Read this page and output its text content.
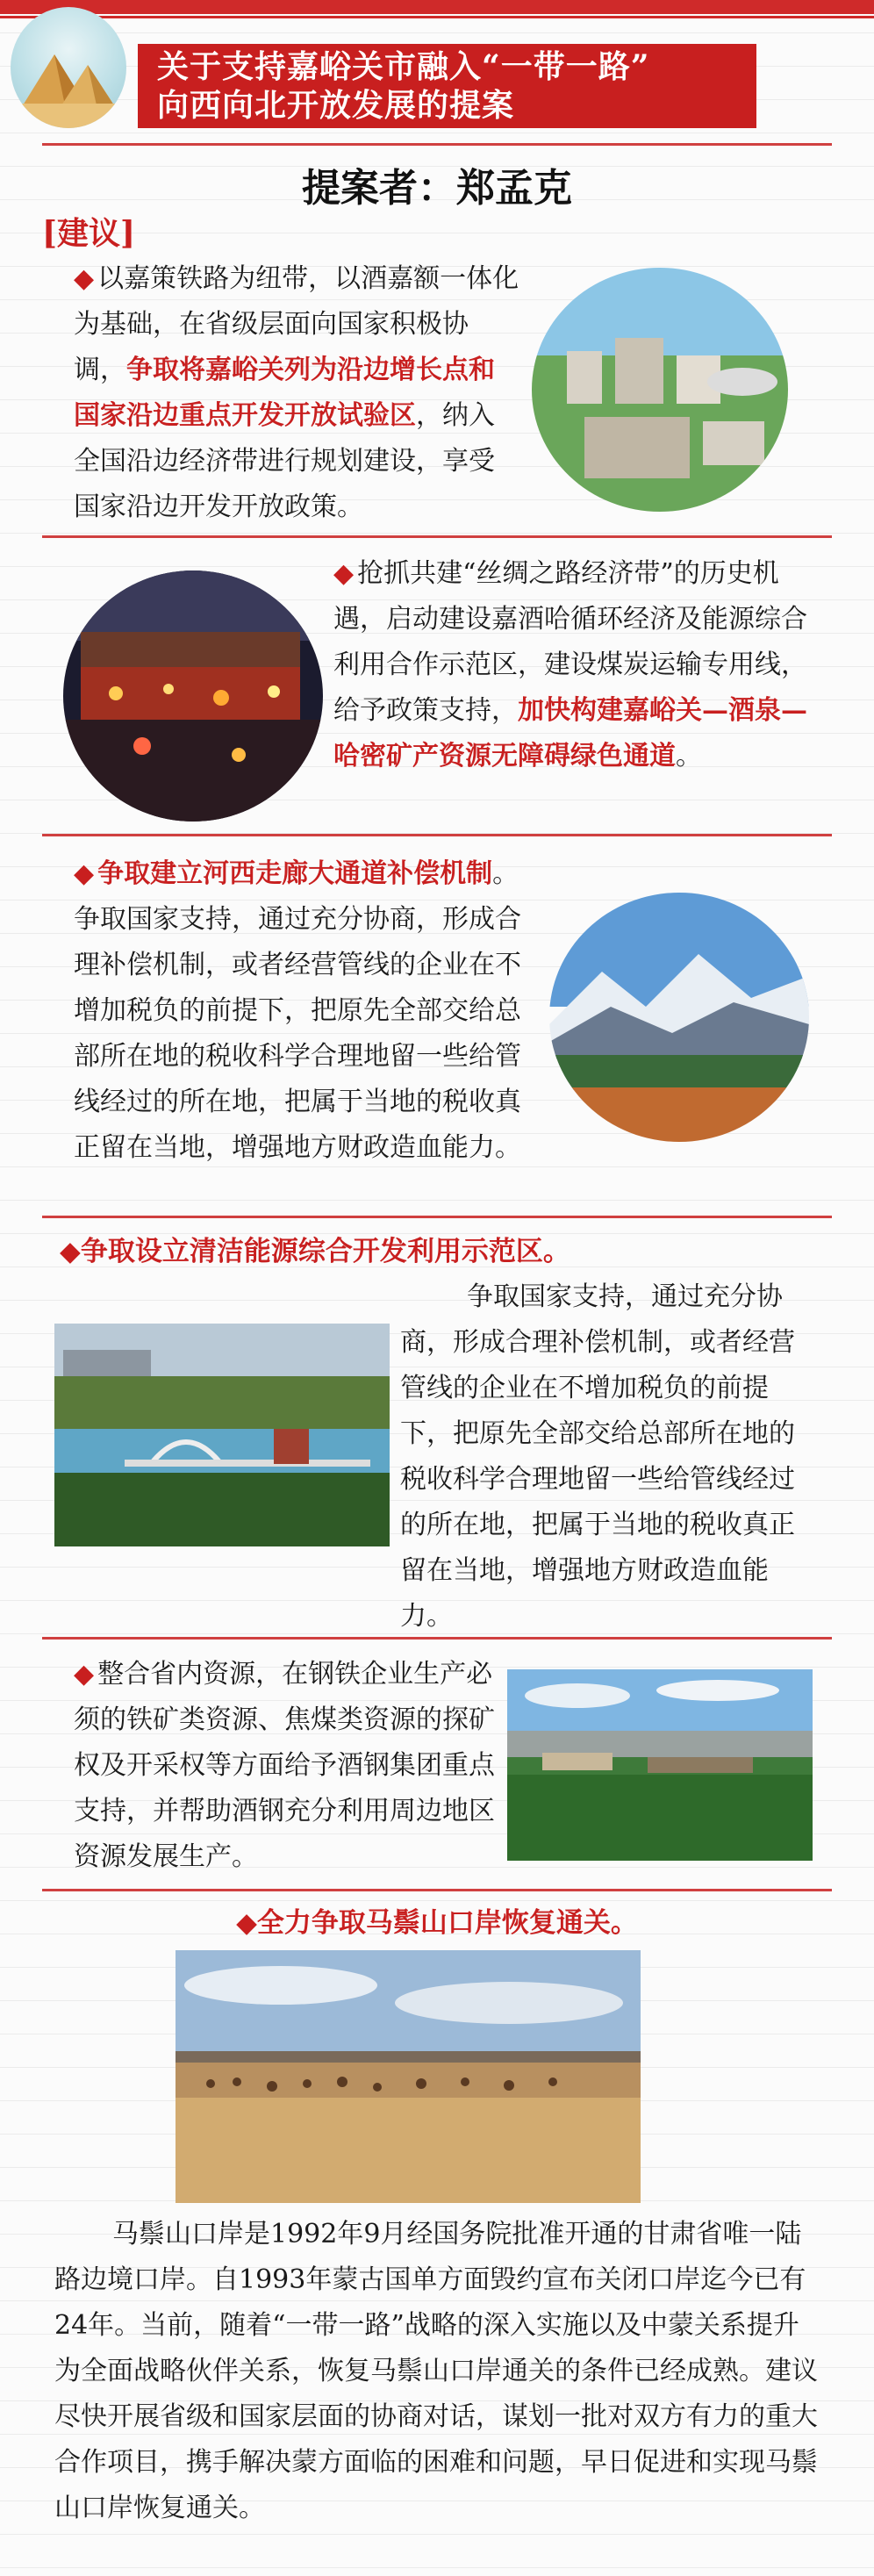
关于支持嘉峪关市融入“一带一路”
向西向北开放发展的提案
提案者：郑孟克
[建议]
◆ 以嘉策铁路为纽带，以酒嘉额一体化为基础，在省级层面向国家积极协调，争取将嘉峪关列为沿边增长点和国家沿边重点开发开放试验区，纳入全国沿边经济带进行规划建设，享受国家沿边开发开放政策。
◆ 抢抓共建“丝绸之路经济带”的历史机遇，启动建设嘉酒哈循环经济及能源综合利用合作示范区，建设煤炭运输专用线，给予政策支持，加快构建嘉峪关—酒泉—哈密矿产资源无障碍绿色通道。
◆ 争取建立河西走廊大通道补偿机制。争取国家支持，通过充分协商，形成合理补偿机制，或者经营管线的企业在不增加税负的前提下，把原先全部交给总部所在地的税收科学合理地留一些给管线经过的所在地，把属于当地的税收真正留在当地，增强地方财政造血能力。
◆争取设立清洁能源综合开发利用示范区。
争取国家支持，通过充分协商，形成合理补偿机制，或者经营管线的企业在不增加税负的前提下，把原先全部交给总部所在地的税收科学合理地留一些给管线经过的所在地，把属于当地的税收真正留在当地，增强地方财政造血能力。
◆ 整合省内资源，在钢铁企业生产必须的铁矿类资源、焦煤类资源的探矿权及开采权等方面给予酒钢集团重点支持，并帮助酒钢充分利用周边地区资源发展生产。
◆全力争取马鬃山口岸恢复通关。
马鬃山口岸是1992年9月经国务院批准开通的甘肃省唯一陆路边境口岸。自1993年蒙古国单方面毁约宣布关闭口岸迄今已有24年。当前，随着“一带一路”战略的深入实施以及中蒙关系提升为全面战略伙伴关系，恢复马鬃山口岸通关的条件已经成熟。建议尽快开展省级和国家层面的协商对话，谋划一批对双方有力的重大合作项目，携手解决蒙方面临的困难和问题，早日促进和实现马鬃山口岸恢复通关。
